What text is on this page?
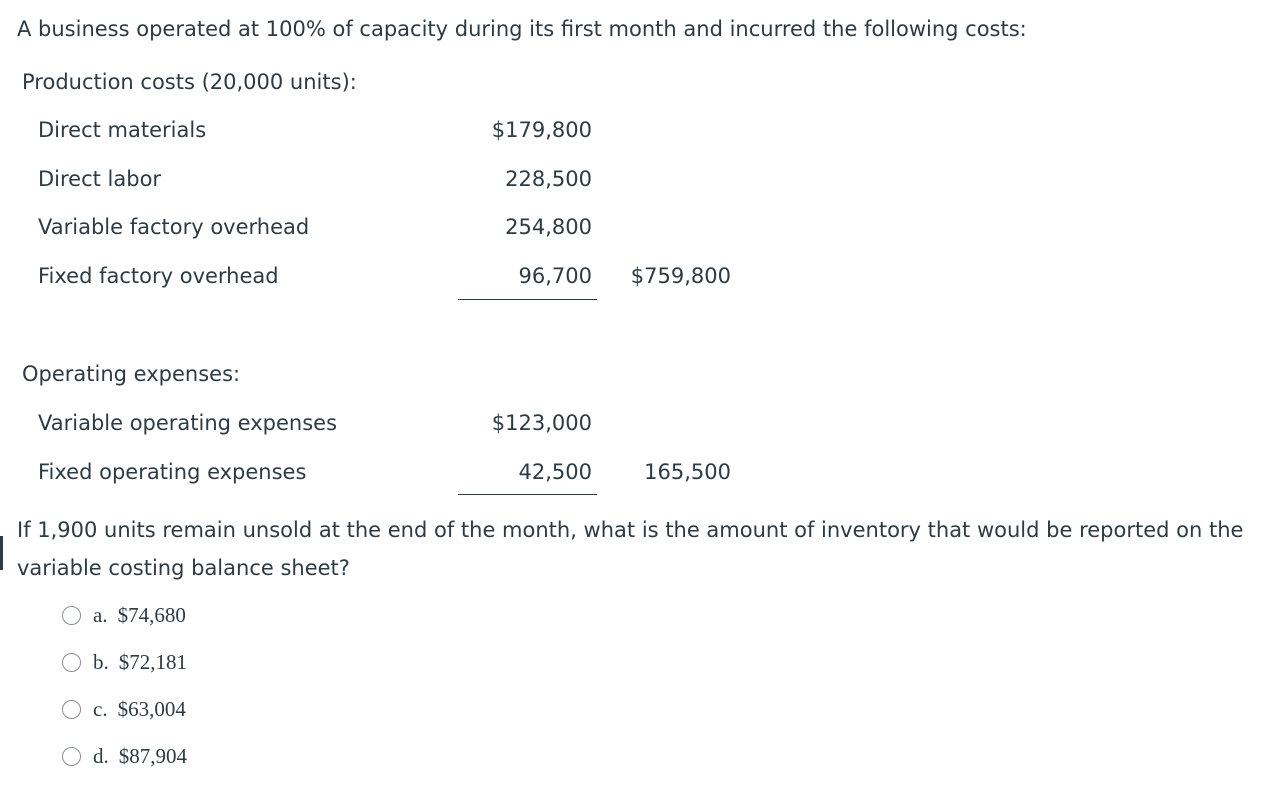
A business operated at 100% of capacity during its first month and incurred the following costs:
Production costs (20,000 units):
Direct materials	$179,800
Direct labor	228,500
Variable factory overhead	254,800
Fixed factory overhead	96,700 $759,800
Operating expenses:
Variable operating expenses	$123,000
Fixed operating expenses	42,500 165,500
If 1,900 units remain unsold at the end of the month, what is the amount of inventory that would be reported on the variable costing balance sheet?
a. $74,680
b. $72,181
c. $63,004
d. $87,904
